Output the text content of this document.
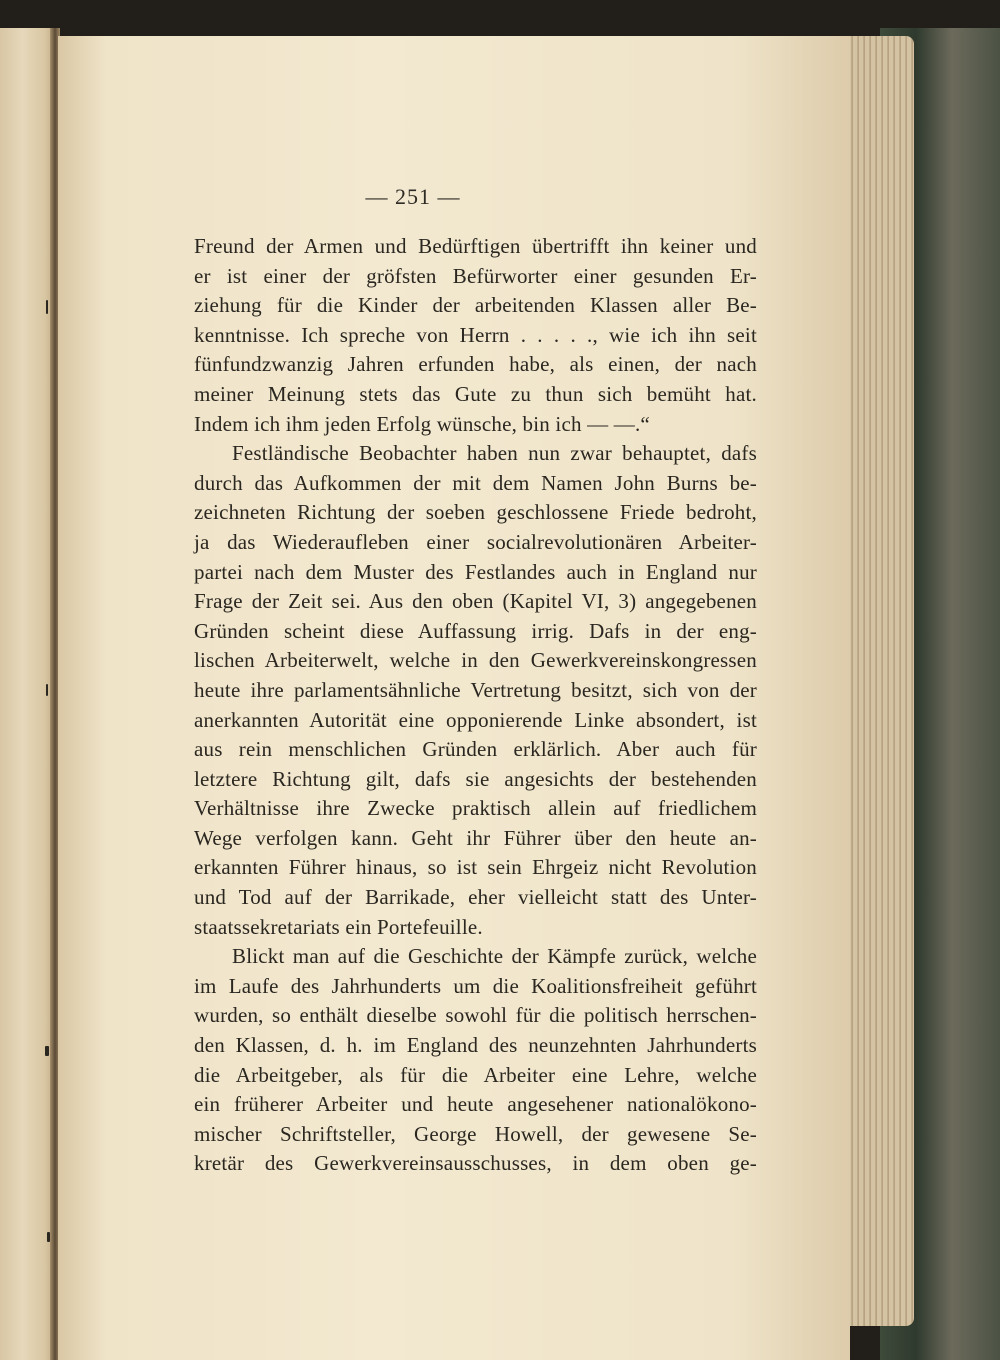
— 251 —
Freund der Armen und Bedürftigen übertrifft ihn keiner und
er ist einer der gröfsten Befürworter einer gesunden Er-
ziehung für die Kinder der arbeitenden Klassen aller Be-
kenntnisse. Ich spreche von Herrn . . . . ., wie ich ihn seit
fünfundzwanzig Jahren erfunden habe, als einen, der nach
meiner Meinung stets das Gute zu thun sich bemüht hat.
Indem ich ihm jeden Erfolg wünsche, bin ich — —.“
Festländische Beobachter haben nun zwar behauptet, dafs
durch das Aufkommen der mit dem Namen John Burns be-
zeichneten Richtung der soeben geschlossene Friede bedroht,
ja das Wiederaufleben einer socialrevolutionären Arbeiter-
partei nach dem Muster des Festlandes auch in England nur
Frage der Zeit sei. Aus den oben (Kapitel VI, 3) angegebenen
Gründen scheint diese Auffassung irrig. Dafs in der eng-
lischen Arbeiterwelt, welche in den Gewerkvereinskongressen
heute ihre parlamentsähnliche Vertretung besitzt, sich von der
anerkannten Autorität eine opponierende Linke absondert, ist
aus rein menschlichen Gründen erklärlich. Aber auch für
letztere Richtung gilt, dafs sie angesichts der bestehenden
Verhältnisse ihre Zwecke praktisch allein auf friedlichem
Wege verfolgen kann. Geht ihr Führer über den heute an-
erkannten Führer hinaus, so ist sein Ehrgeiz nicht Revolution
und Tod auf der Barrikade, eher vielleicht statt des Unter-
staatssekretariats ein Portefeuille.
Blickt man auf die Geschichte der Kämpfe zurück, welche
im Laufe des Jahrhunderts um die Koalitionsfreiheit geführt
wurden, so enthält dieselbe sowohl für die politisch herrschen-
den Klassen, d. h. im England des neunzehnten Jahrhunderts
die Arbeitgeber, als für die Arbeiter eine Lehre, welche
ein früherer Arbeiter und heute angesehener nationalökono-
mischer Schriftsteller, George Howell, der gewesene Se-
kretär des Gewerkvereinsausschusses, in dem oben ge-
